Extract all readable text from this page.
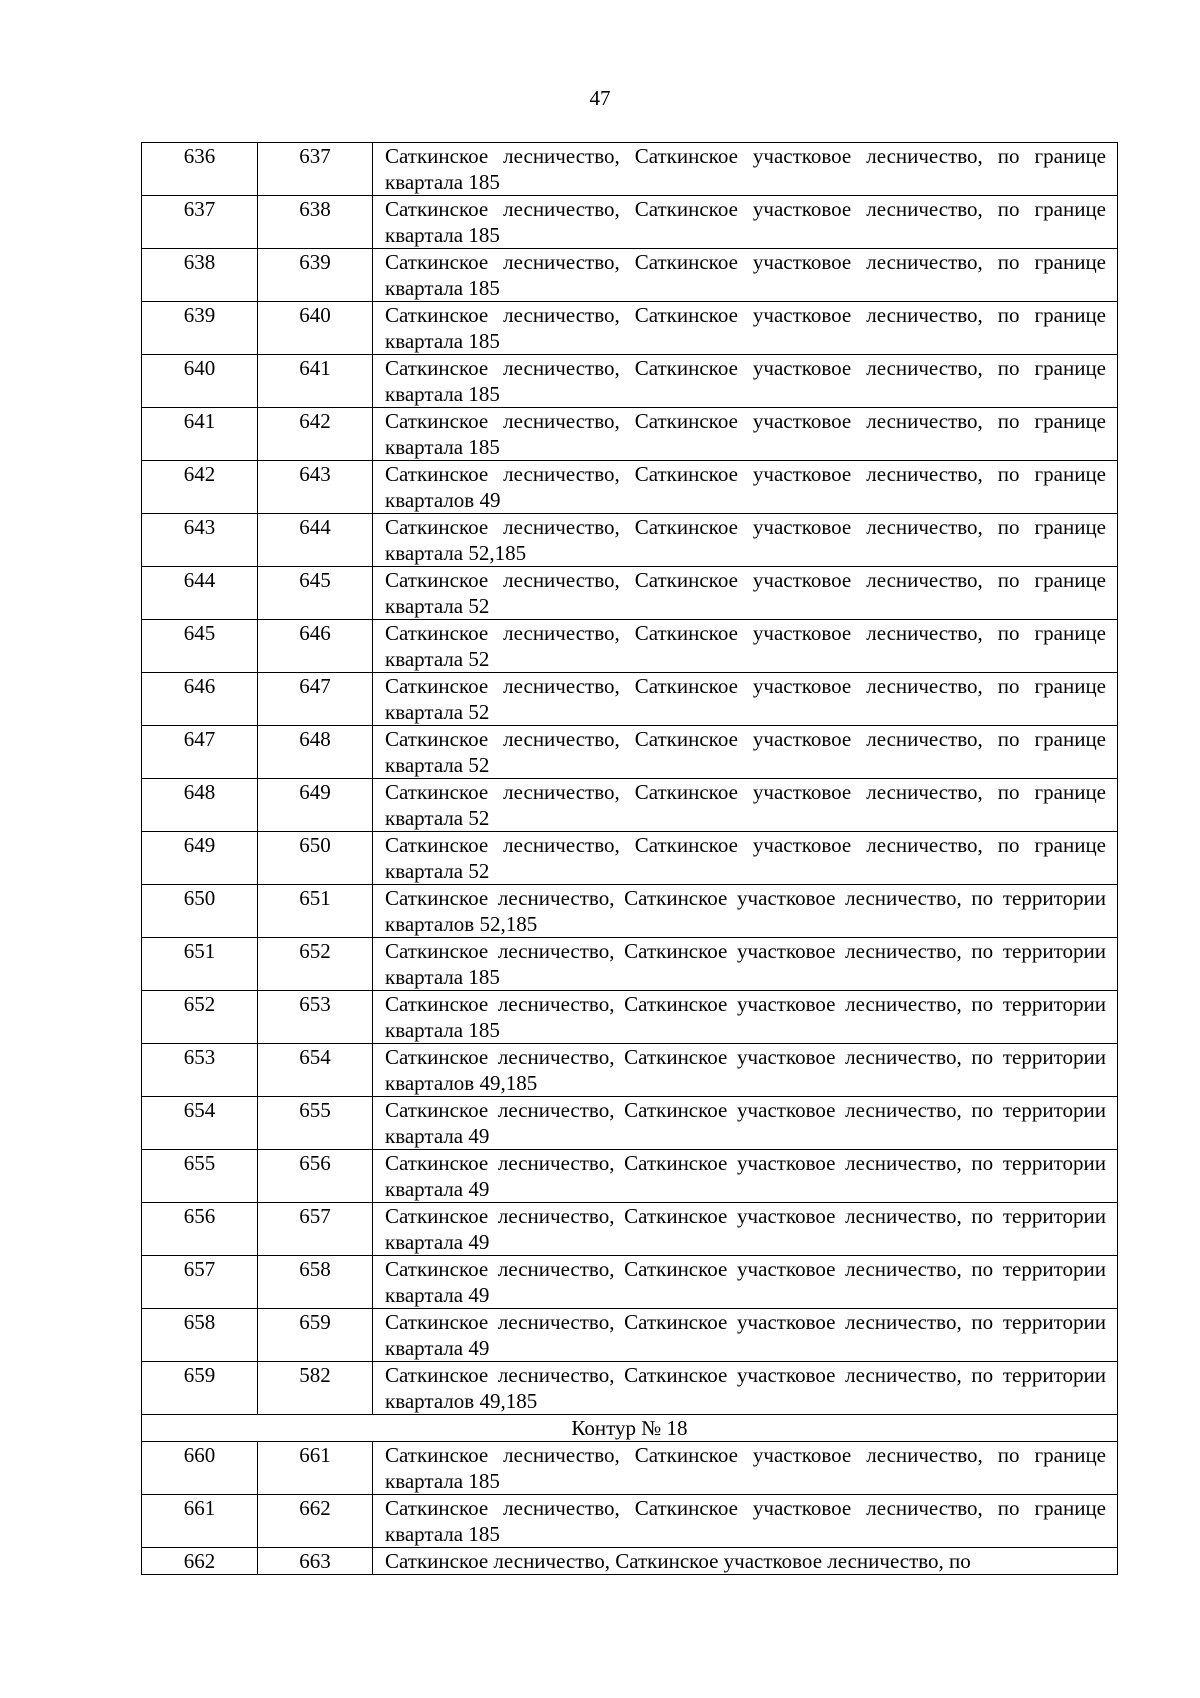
47
636	637	Саткинское лесничество, Саткинское участковое лесничество, по границе квартала 185
637	638	Саткинское лесничество, Саткинское участковое лесничество, по границе квартала 185
638	639	Саткинское лесничество, Саткинское участковое лесничество, по границе квартала 185
639	640	Саткинское лесничество, Саткинское участковое лесничество, по границе квартала 185
640	641	Саткинское лесничество, Саткинское участковое лесничество, по границе квартала 185
641	642	Саткинское лесничество, Саткинское участковое лесничество, по границе квартала 185
642	643	Саткинское лесничество, Саткинское участковое лесничество, по границе кварталов 49
643	644	Саткинское лесничество, Саткинское участковое лесничество, по границе квартала 52,185
644	645	Саткинское лесничество, Саткинское участковое лесничество, по границе квартала 52
645	646	Саткинское лесничество, Саткинское участковое лесничество, по границе квартала 52
646	647	Саткинское лесничество, Саткинское участковое лесничество, по границе квартала 52
647	648	Саткинское лесничество, Саткинское участковое лесничество, по границе квартала 52
648	649	Саткинское лесничество, Саткинское участковое лесничество, по границе квартала 52
649	650	Саткинское лесничество, Саткинское участковое лесничество, по границе квартала 52
650	651	Саткинское лесничество, Саткинское участковое лесничество, по территории кварталов 52,185
651	652	Саткинское лесничество, Саткинское участковое лесничество, по территории квартала 185
652	653	Саткинское лесничество, Саткинское участковое лесничество, по территории квартала 185
653	654	Саткинское лесничество, Саткинское участковое лесничество, по территории кварталов 49,185
654	655	Саткинское лесничество, Саткинское участковое лесничество, по территории квартала 49
655	656	Саткинское лесничество, Саткинское участковое лесничество, по территории квартала 49
656	657	Саткинское лесничество, Саткинское участковое лесничество, по территории квартала 49
657	658	Саткинское лесничество, Саткинское участковое лесничество, по территории квартала 49
658	659	Саткинское лесничество, Саткинское участковое лесничество, по территории квартала 49
659	582	Саткинское лесничество, Саткинское участковое лесничество, по территории кварталов 49,185
Контур № 18		
660	661	Саткинское лесничество, Саткинское участковое лесничество, по границе квартала 185
661	662	Саткинское лесничество, Саткинское участковое лесничество, по границе квартала 185
662	663	Саткинское лесничество, Саткинское участковое лесничество, по
